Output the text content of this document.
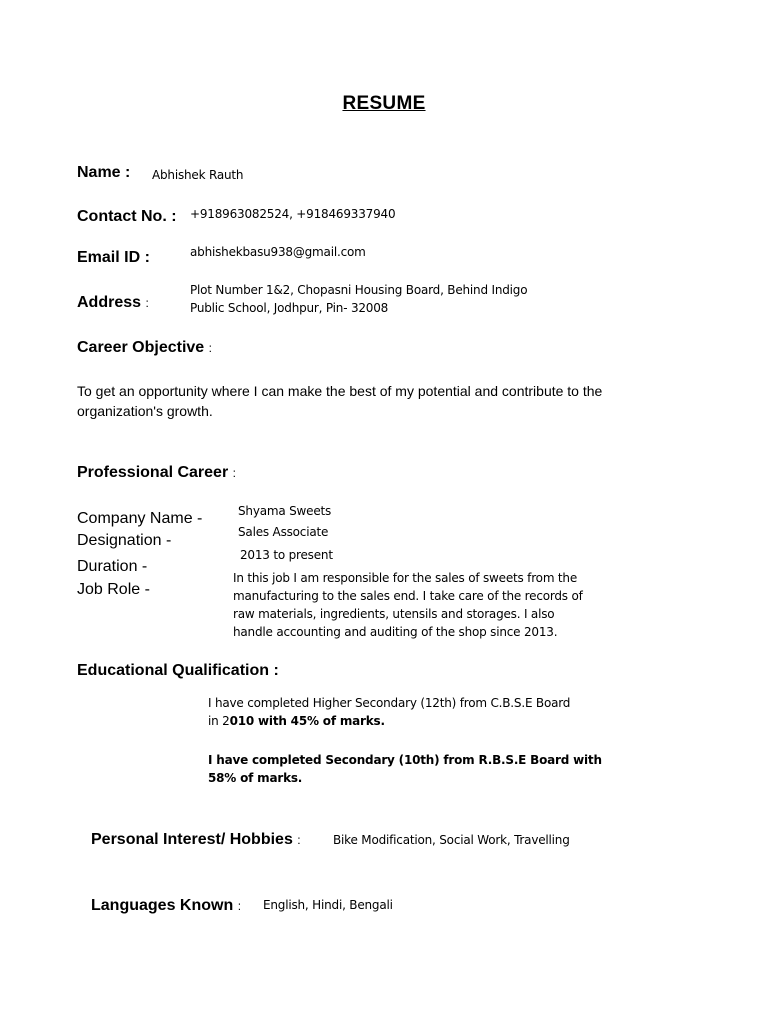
RESUME
Name : Abhishek Rauth
Contact No. : +918963082524, +918469337940
Email ID :	abhishekbasu938@gmail.com
Address :
Plot Number 1&2, Chopasni Housing Board, Behind Indigo
Public School, Jodhpur, Pin- 32008
Career Objective :
To get an opportunity where I can make the best of my potential and contribute to the organization's growth.
Professional Career :
Company Name -
Designation -
Duration -
Job Role -
Shyama Sweets
Sales Associate
2013 to present
In this job I am responsible for the sales of sweets from the manufacturing to the sales end. I take care of the records of raw materials, ingredients, utensils and storages. I also handle accounting and auditing of the shop since 2013.
Educational Qualification :
I have completed Higher Secondary (12th) from C.B.S.E Board
in 2010 with 45% of marks.
I have completed Secondary (10th) from R.B.S.E Board with
58% of marks.
Personal Interest/ Hobbies :	Bike Modification, Social Work, Travelling
Languages Known : English, Hindi, Bengali
